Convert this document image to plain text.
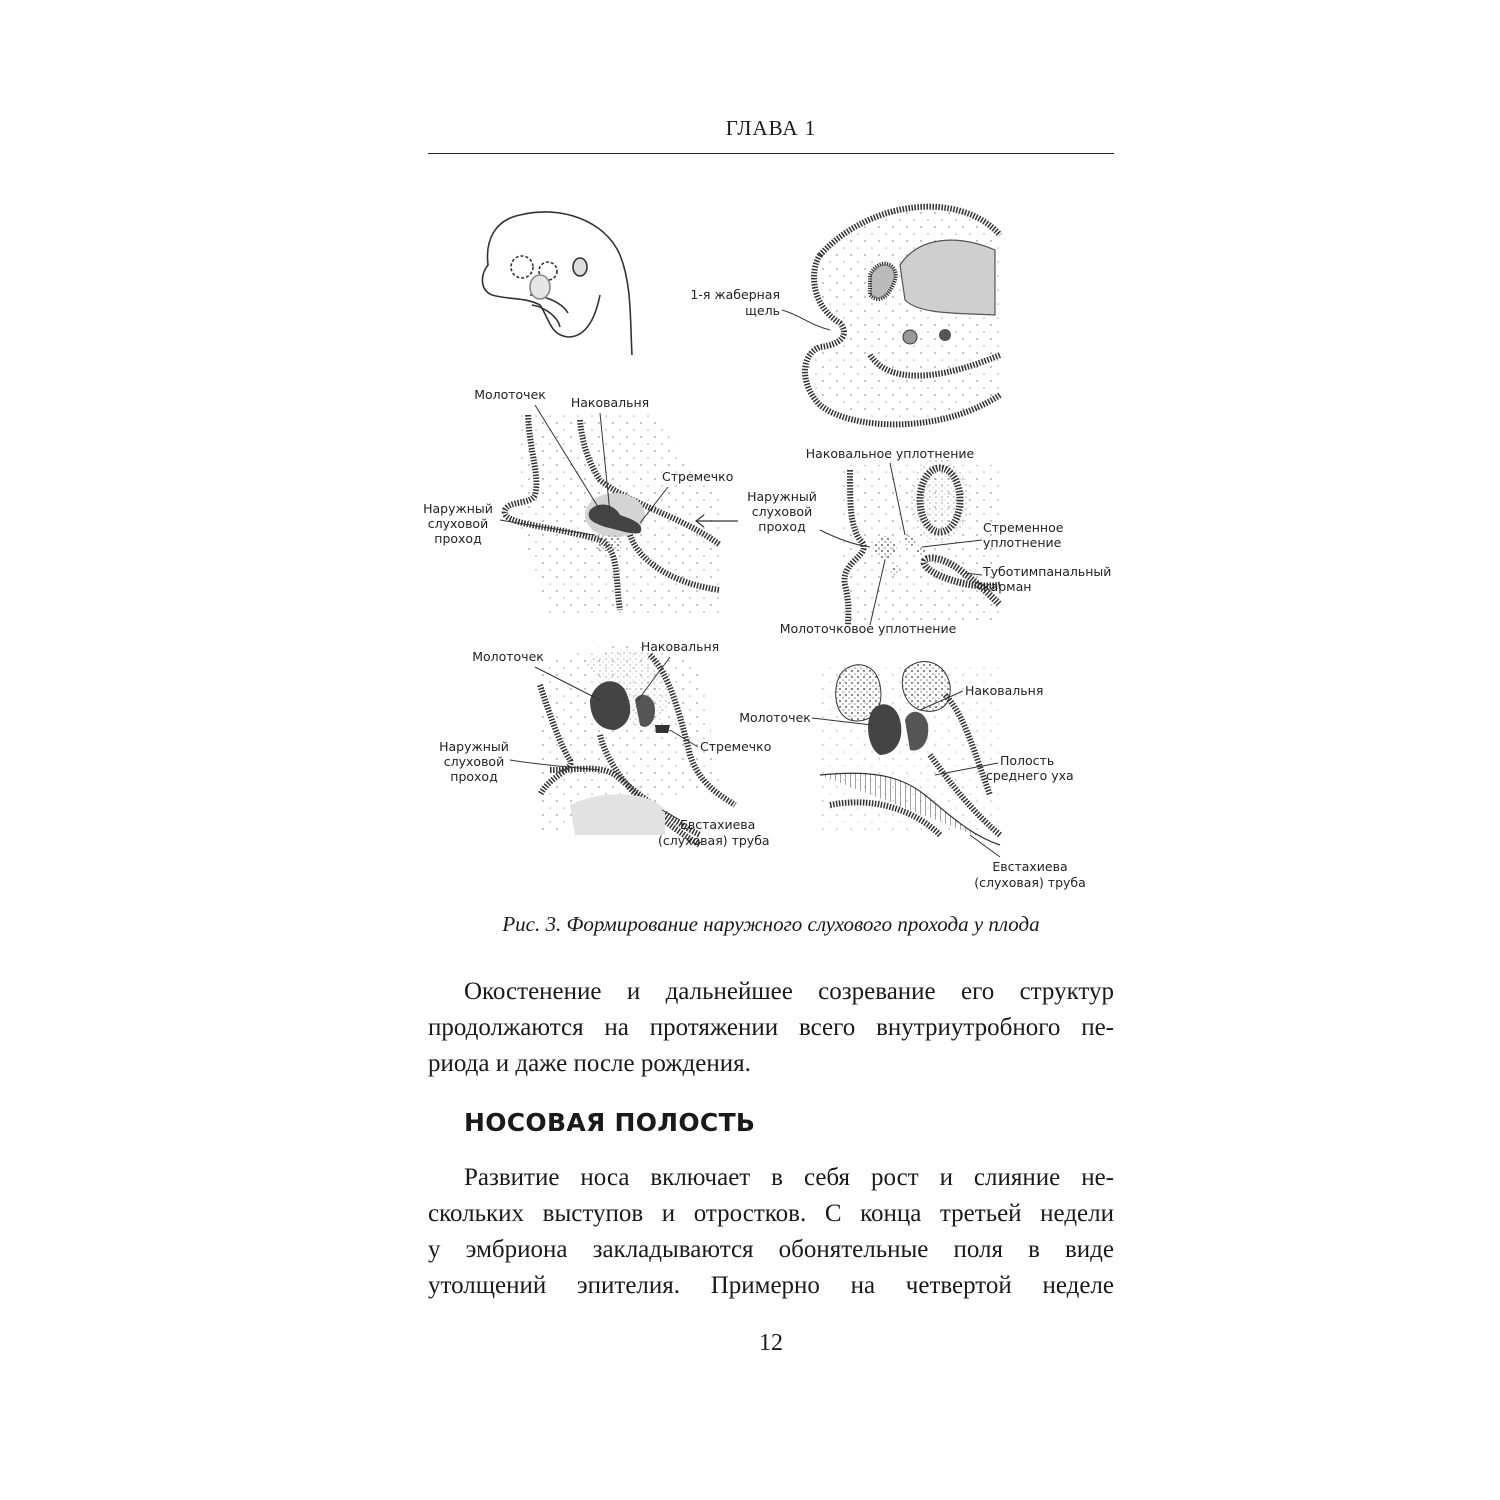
ГЛАВА 1
1-я жаберная
щель
Молоточек
Наковальня
Стремечко
Наружный
слуховой
проход
Наковальное уплотнение
Наружный
слуховой
проход	Стременное
уплотнение
Туботимпанальный
карман
Молоточковое уплотнение
Молоточек
Наковальня
Стремечко
Наружный
слуховой
проход
Евстахиева
(слуховая) труба
Наковальня
Молоточек
Полость
среднего уха
Евстахиева
(слуховая) труба
Рис. 3. Формирование наружного слухового прохода у плода

Окостенение и дальнейшее созревание его структур
продолжаются на протяжении всего внутриутробного пе-
риода и даже после рождения.

НОСОВАЯ ПОЛОСТЬ

Развитие носа включает в себя рост и слияние не-
скольких выступов и отростков. С конца третьей недели
у эмбриона закладываются обонятельные поля в виде
утолщений эпителия. Примерно на четвертой неделе

12
